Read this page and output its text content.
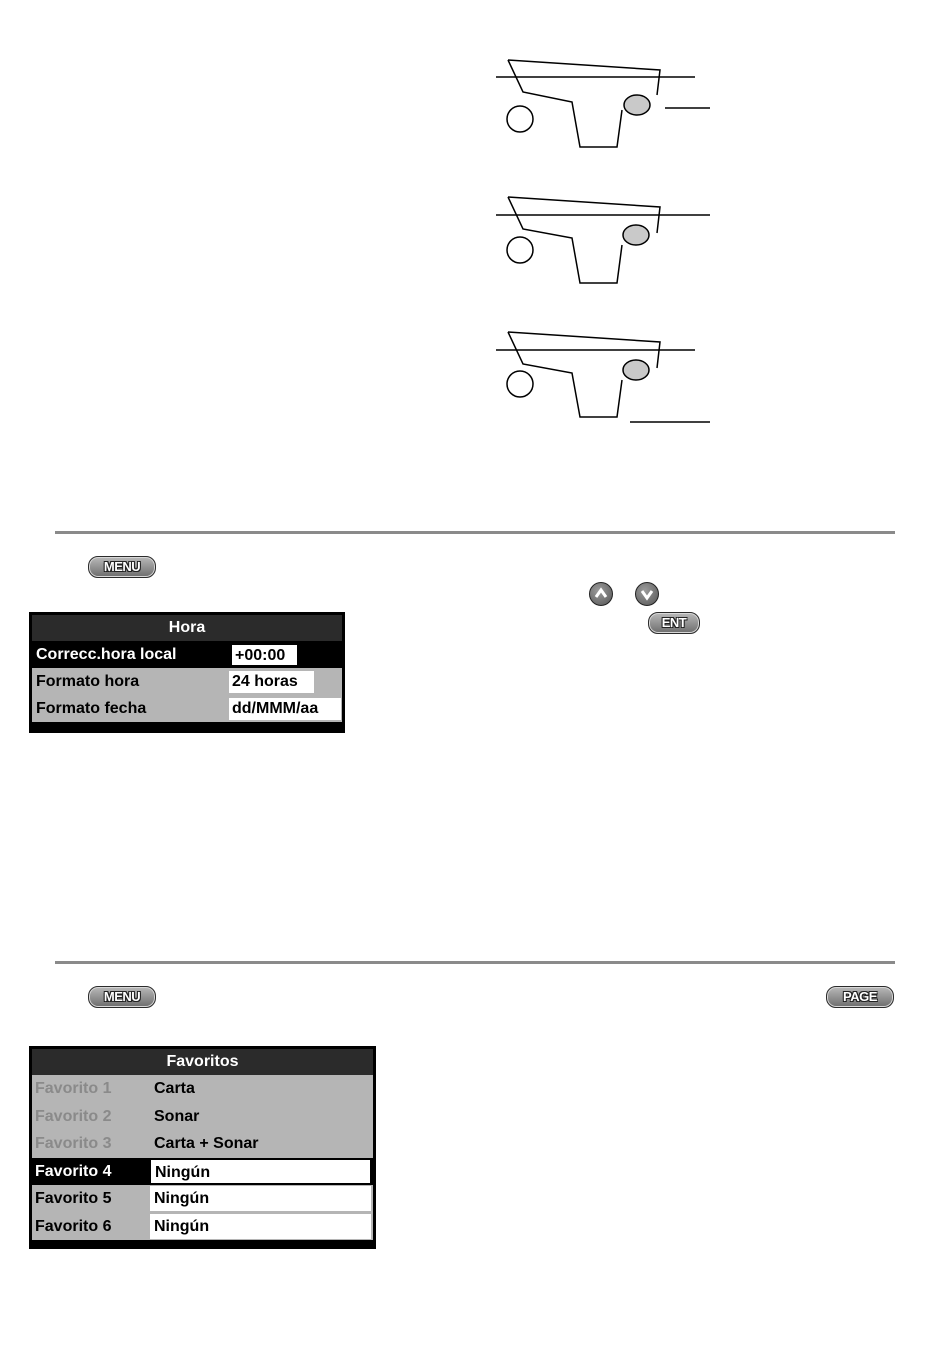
MENU
ENT
Hora
Correcc.hora local	+00:00
Formato hora	24 horas
Formato fecha	dd/MMM/aa
MENU	PAGE
Favoritos
Favorito 1	Carta
Favorito 2	Sonar
Favorito 3	Carta + Sonar
Favorito 4	Ningún
Favorito 5	Ningún
Favorito 6	Ningún
